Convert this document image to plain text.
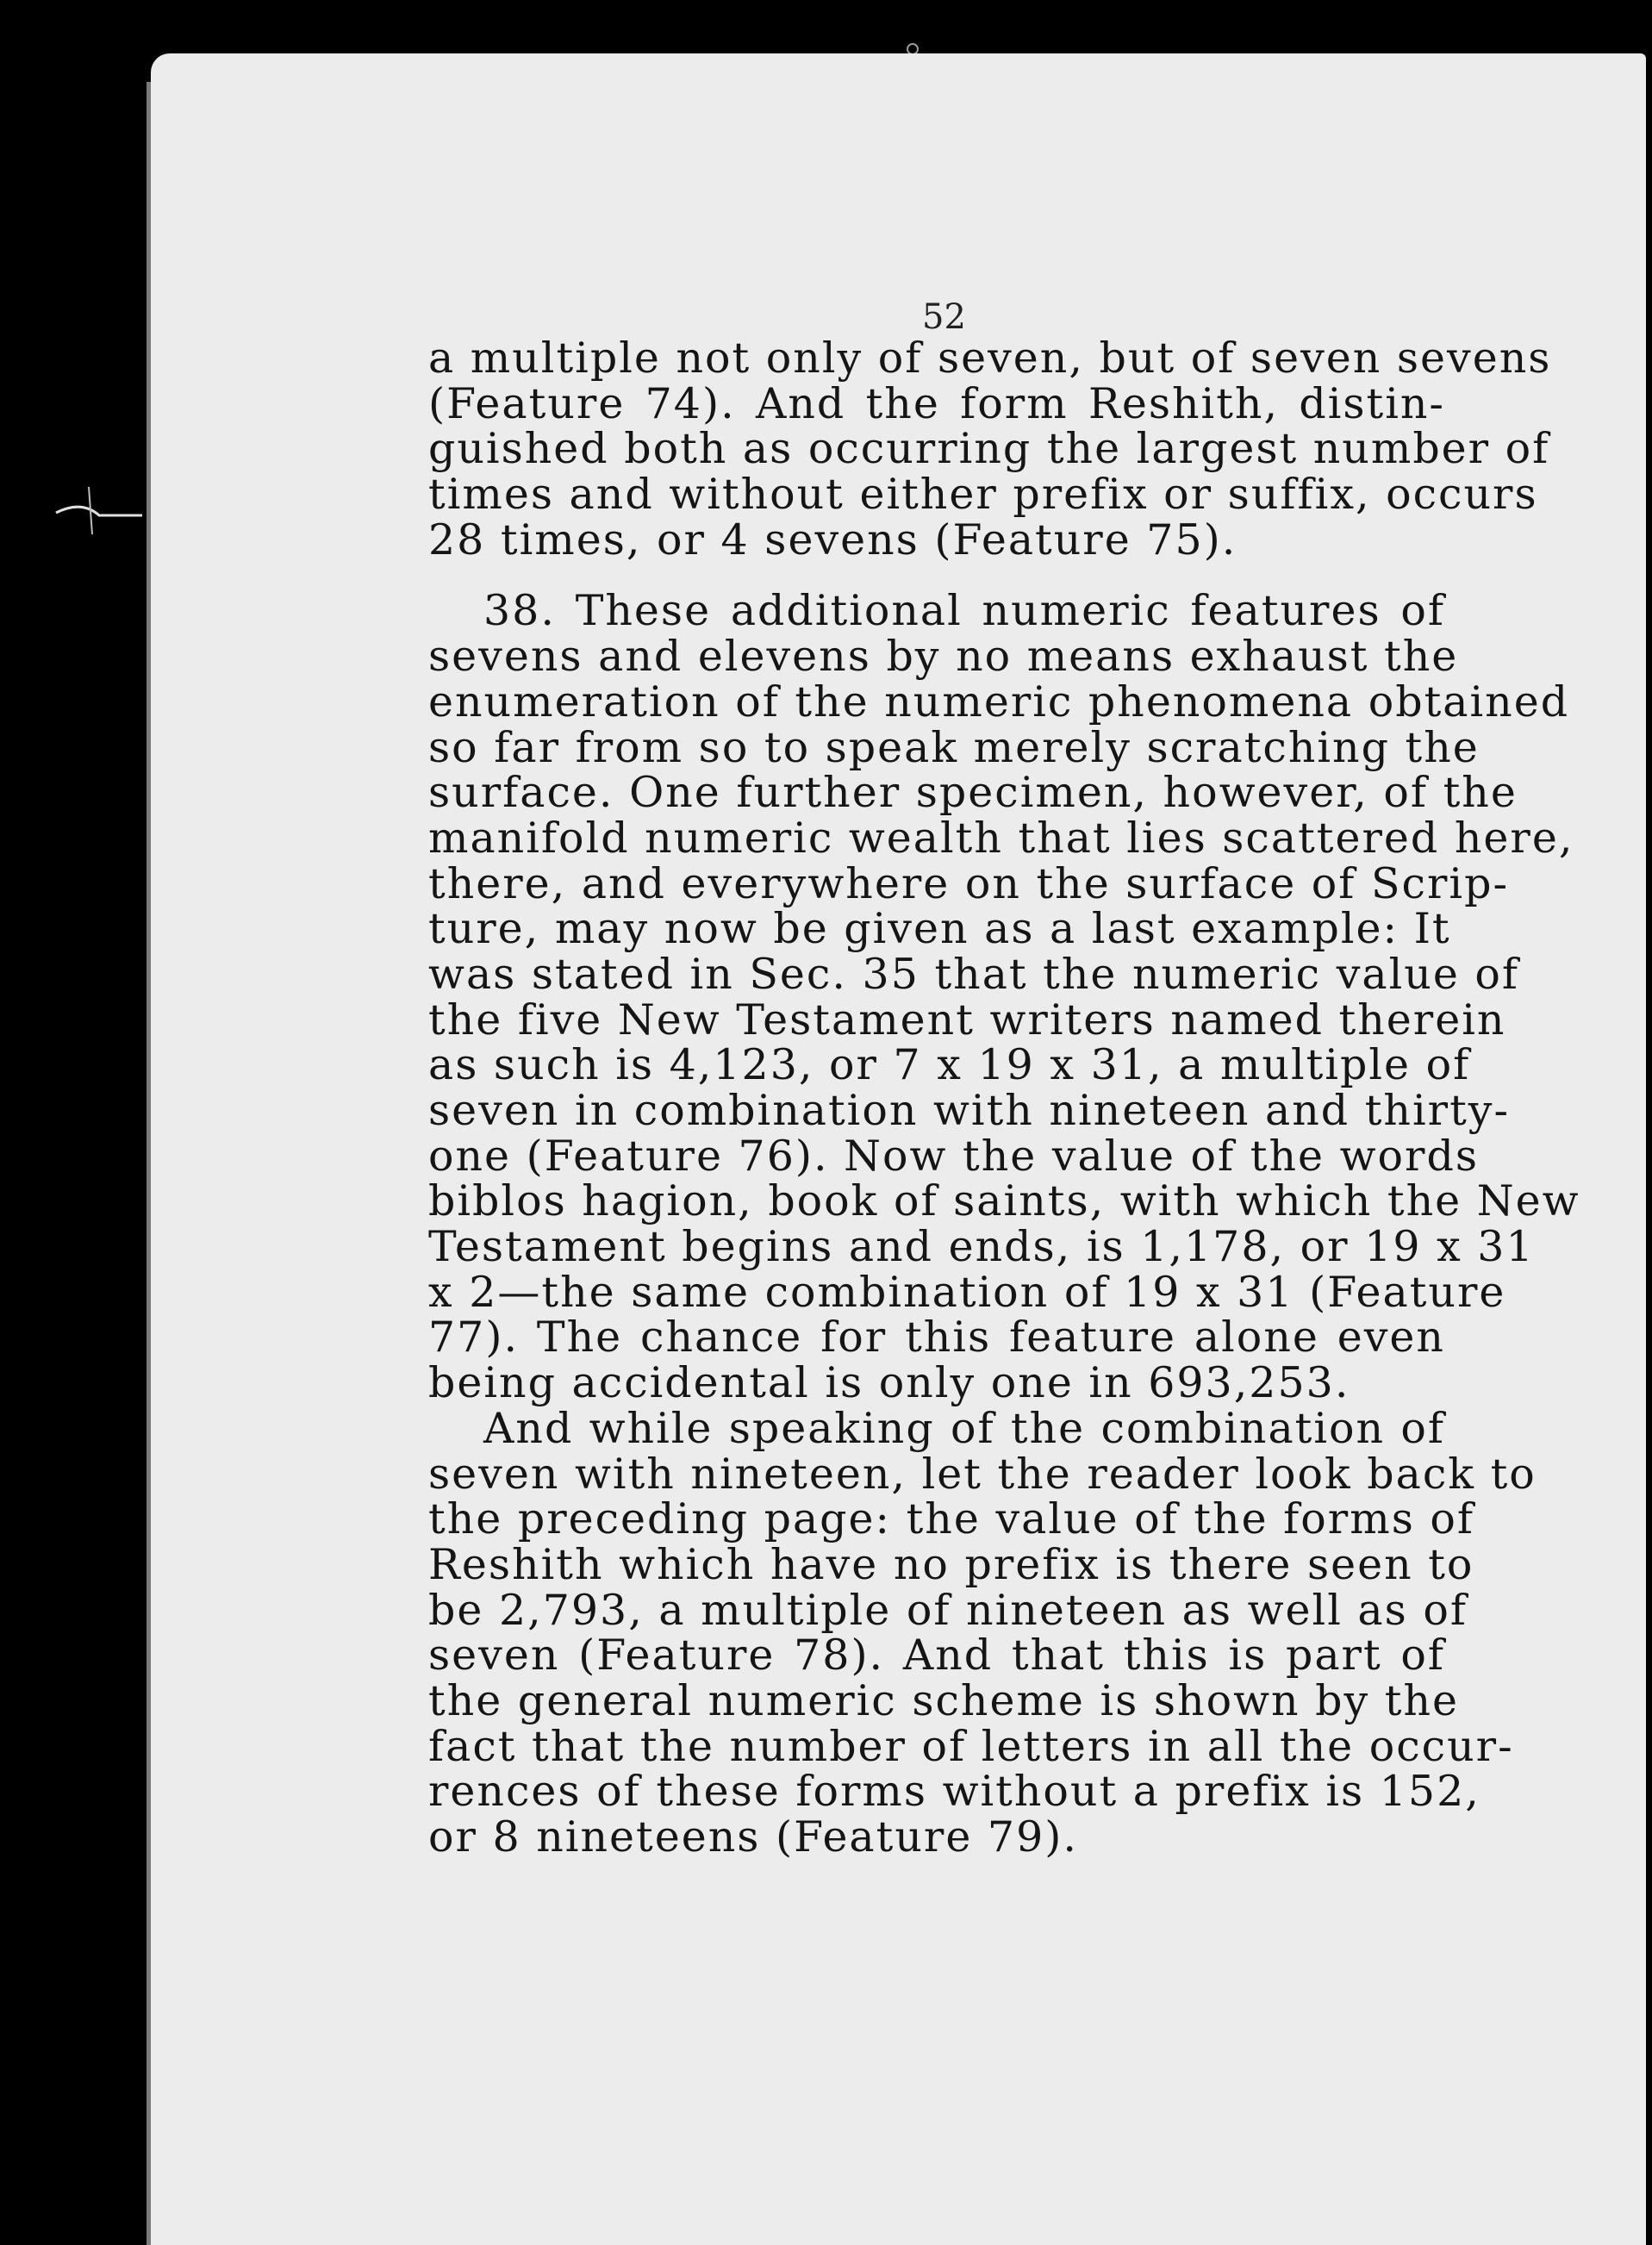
52
a multiple not only of seven, but of seven sevens
(Feature 74). And the form Reshith, distin-
guished both as occurring the largest number of
times and without either prefix or suffix, occurs
28 times, or 4 sevens (Feature 75).
38. These additional numeric features of
sevens and elevens by no means exhaust the
enumeration of the numeric phenomena obtained
so far from so to speak merely scratching the
surface. One further specimen, however, of the
manifold numeric wealth that lies scattered here,
there, and everywhere on the surface of Scrip-
ture, may now be given as a last example: It
was stated in Sec. 35 that the numeric value of
the five New Testament writers named therein
as such is 4,123, or 7 x 19 x 31, a multiple of
seven in combination with nineteen and thirty-
one (Feature 76). Now the value of the words
biblos hagion, book of saints, with which the New
Testament begins and ends, is 1,178, or 19 x 31
x 2—the same combination of 19 x 31 (Feature
77). The chance for this feature alone even
being accidental is only one in 693,253.
And while speaking of the combination of
seven with nineteen, let the reader look back to
the preceding page: the value of the forms of
Reshith which have no prefix is there seen to
be 2,793, a multiple of nineteen as well as of
seven (Feature 78). And that this is part of
the general numeric scheme is shown by the
fact that the number of letters in all the occur-
rences of these forms without a prefix is 152,
or 8 nineteens (Feature 79).
